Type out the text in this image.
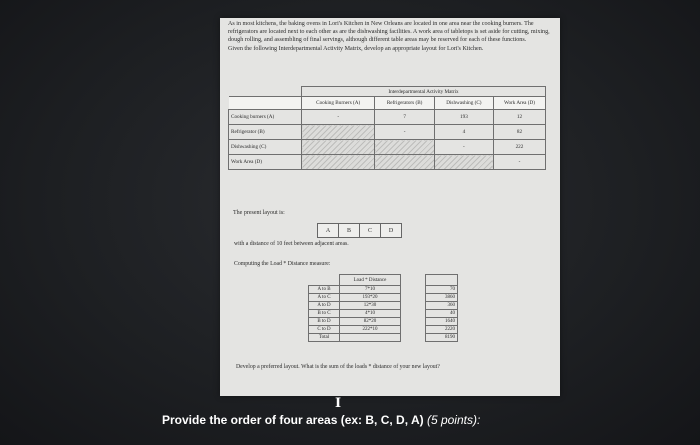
As in most kitchens, the baking ovens in Lori's Kitchen in New Orleans are located in one area near the cooking burners. The refrigerators are located next to each other as are the dishwashing facilities. A work area of tabletops is set aside for cutting, mixing, dough rolling, and assembling of final servings, although different table areas may be reserved for each of these functions.

Given the following Interdepartmental Activity Matrix, develop an appropriate layout for Lori's Kitchen.

	Interdepartmental Activity Matrix			
	Cooking Burners (A)	Refrigerators (B)	Dishwashing (C)	Work Area (D)
Cooking burners (A)	-	7	193	12
Refrigerator (B)		-	4	82
Dishwashing (C)			-	222
Work Area (D)				-
The present layout is:
A	B	C	D
with a distance of 10 feet between adjacent areas.
Computing the Load * Distance measure:
	Load * Distance		
A to B	7*10		70
A to C	193*20		3860
A to D	12*30		360
B to C	4*10		40
B to D	82*20		1640
C to D	222*10		2220
Total			8190
Develop a preferred layout. What is the sum of the loads * distance of your new layout?
I
Provide the order of four areas (ex: B, C, D, A) (5 points):
